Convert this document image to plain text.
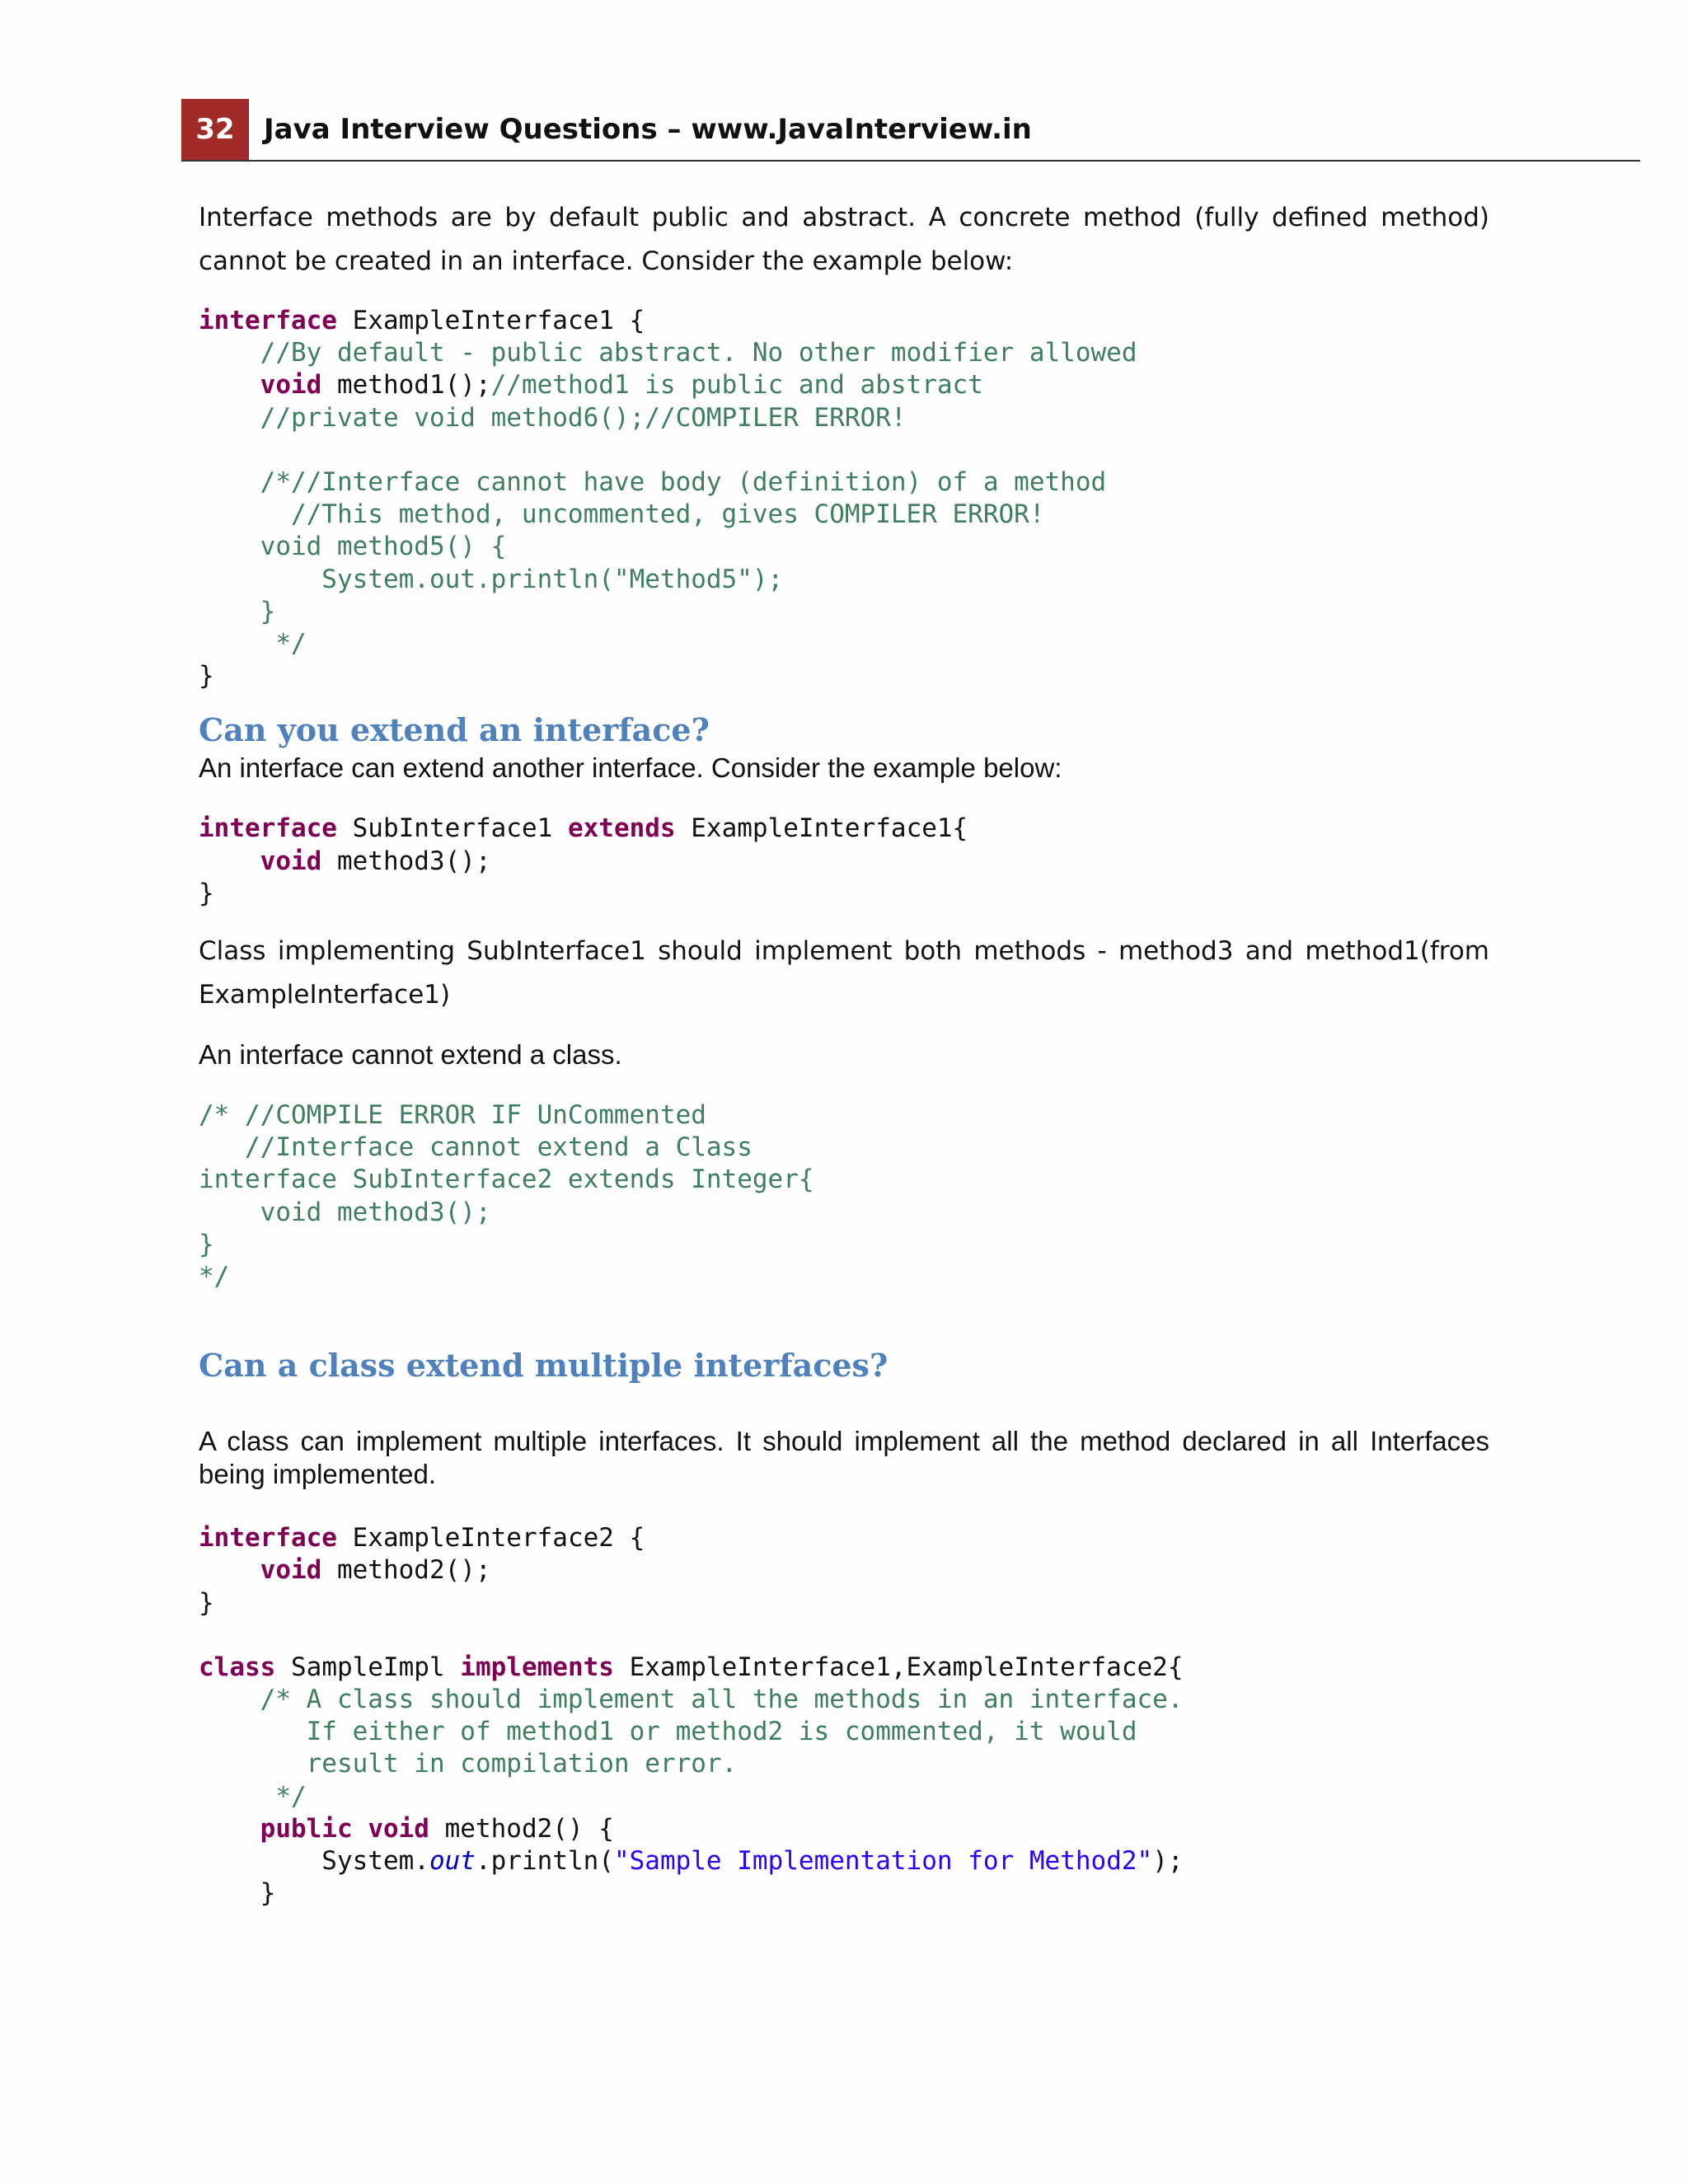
32	Java Interview Questions – www.JavaInterview.in

Interface methods are by default public and abstract. A concrete method (fully defined method) cannot be created in an interface. Consider the example below:

interface ExampleInterface1 {
//By default - public abstract. No other modifier allowed
void method1();//method1 is public and abstract
//private void method6();//COMPILER ERROR!

/*//Interface cannot have body (definition) of a method
//This method, uncommented, gives COMPILER ERROR!
void method5() {
System.out.println("Method5");
}
*/
}
Can you extend an interface?

An interface can extend another interface. Consider the example below:

interface SubInterface1 extends ExampleInterface1{
void method3();
}

Class implementing SubInterface1 should implement both methods - method3 and method1(from ExampleInterface1)

An interface cannot extend a class.

/* //COMPILE ERROR IF UnCommented
//Interface cannot extend a Class
interface SubInterface2 extends Integer{
void method3();
}
*/
Can a class extend multiple interfaces?

A class can implement multiple interfaces. It should implement all the method declared in all Interfaces being implemented.

interface ExampleInterface2 {
void method2();
}
class SampleImpl implements ExampleInterface1,ExampleInterface2{
/* A class should implement all the methods in an interface.
If either of method1 or method2 is commented, it would
result in compilation error.
*/
public void method2() {
System.out.println("Sample Implementation for Method2");
}
